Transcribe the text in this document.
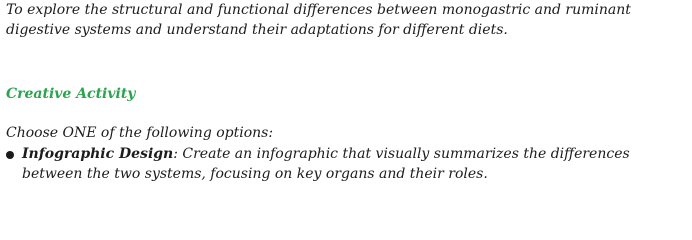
To explore the structural and functional differences between monogastric and ruminant digestive systems and understand their adaptations for different diets.

Creative Activity

Choose ONE of the following options:

Infographic Design: Create an infographic that visually summarizes the differences between the two systems, focusing on key organs and their roles.
